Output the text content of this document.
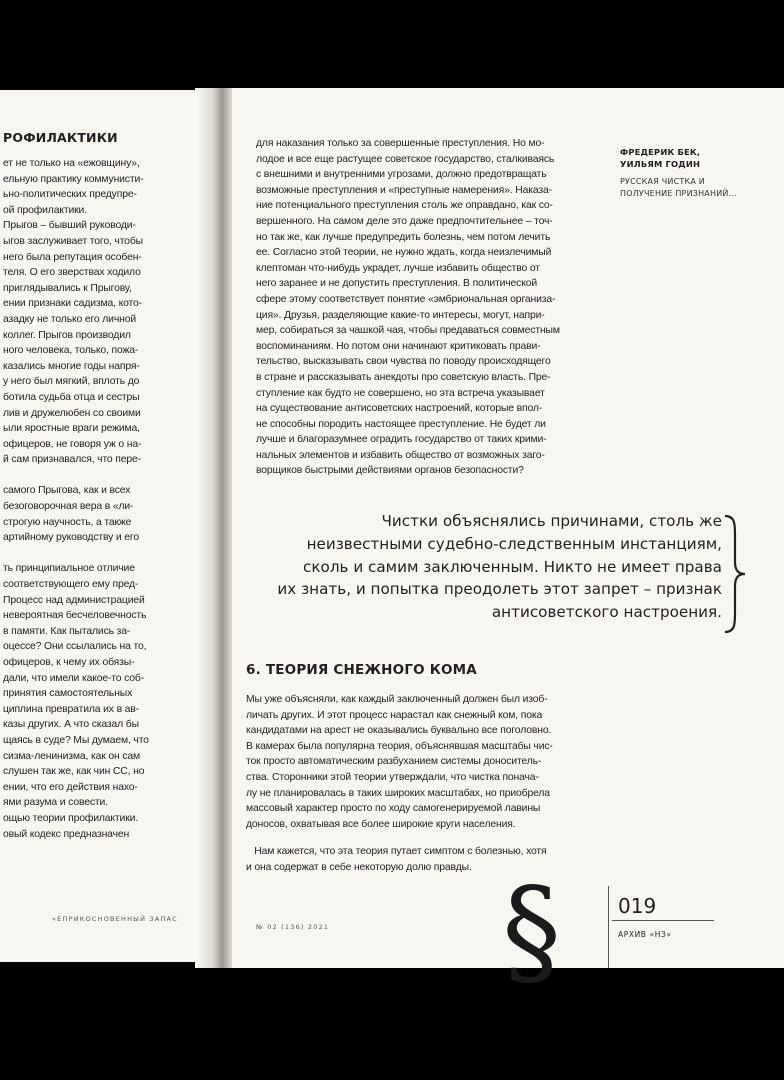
РОФИЛАКТИКИ
ет не только на «ежовщину»,
ельную практику коммунисти-
ьно-политических предупре-
ой профилактики.
Прыгов – бывший руководи-
ыгов заслуживает того, чтобы
него была репутация особен-
теля. О его зверствах ходило
приглядывались к Прыгову,
ении признаки садизма, кото-
азадку не только его личной
коллег. Прыгов производил
ного человека, только, пожа-
казались многие годы напря-
у него был мягкий, вплоть до
ботила судьба отца и сестры
лив и дружелюбен со своими
ыли яростные враги режима,
офицеров, не говоря уж о на-
й сам признавался, что пере-

самого Прыгова, как и всех
безоговорочная вера в «ли-
строгую научность, а также
артийному руководству и его

ть принципиальное отличие
соответствующего ему пред-
Процесс над администрацией
невероятная бесчеловечность
в памяти. Как пытались за-
оцессе? Они ссылались на то,
офицеров, к чему их обязы-
дали, что имели какое-то соб-
принятия самостоятельных
циплина превратила их в ав-
казы других. А что сказал бы
щаясь в суде? Мы думаем, что
сизма-ленинизма, как он сам
слушен так же, как чин СС, но
ении, что его действия нахо-
ями разума и совести.
ощью теории профилактики.
овый кодекс предназначен
«ЕПРИКОСНОВЕННЫЙ ЗАПАС
для наказания только за совершенные преступления. Но мо-
лодое и все еще растущее советское государство, сталкиваясь
с внешними и внутренними угрозами, должно предотвращать
возможные преступления и «преступные намерения». Наказа-
ние потенциального преступления столь же оправдано, как со-
вершенного. На самом деле это даже предпочтительнее – точ-
но так же, как лучше предупредить болезнь, чем потом лечить
ее. Согласно этой теории, не нужно ждать, когда неизлечимый
клептоман что-нибудь украдет, лучше избавить общество от
него заранее и не допустить преступления. В политической
сфере этому соответствует понятие «эмбриональная организа-
ция». Друзья, разделяющие какие-то интересы, могут, напри-
мер, собираться за чашкой чая, чтобы предаваться совместным
воспоминаниям. Но потом они начинают критиковать прави-
тельство, высказывать свои чувства по поводу происходящего
в стране и рассказывать анекдоты про советскую власть. Пре-
ступление как будто не совершено, но эта встреча указывает
на существование антисоветских настроений, которые впол-
не способны породить настоящее преступление. Не будет ли
лучше и благоразумнее оградить государство от таких крими-
нальных элементов и избавить общество от возможных заго-
ворщиков быстрыми действиями органов безопасности?
ФРЕДЕРИК БЕК,
УИЛЬЯМ ГОДИН
РУССКАЯ ЧИСТКА И
ПОЛУЧЕНИЕ ПРИЗНАНИЙ...
Чистки объяснялись причинами, столь же
неизвестными судебно-следственным инстанциям,
сколь и самим заключенным. Никто не имеет права
их знать, и попытка преодолеть этот запрет – признак
антисоветского настроения.
6. ТЕОРИЯ СНЕЖНОГО КОМА
Мы уже объясняли, как каждый заключенный должен был изоб-
личать других. И этот процесс нарастал как снежный ком, пока
кандидатами на арест не оказывались буквально все поголовно.
В камерах была популярна теория, объяснявшая масштабы чис-
ток просто автоматическим разбуханием системы доноситель-
ства. Сторонники этой теории утверждали, что чистка понача-
лу не планировалась в таких широких масштабах, но приобрела
массовый характер просто по ходу самогенерируемой лавины
доносов, охватывая все более широкие круги населения.
Нам кажется, что эта теория путает симптом с болезнью, хотя
и она содержат в себе некоторую долю правды. §	019
АРХИВ «НЗ»
№ 02 (136) 2021
